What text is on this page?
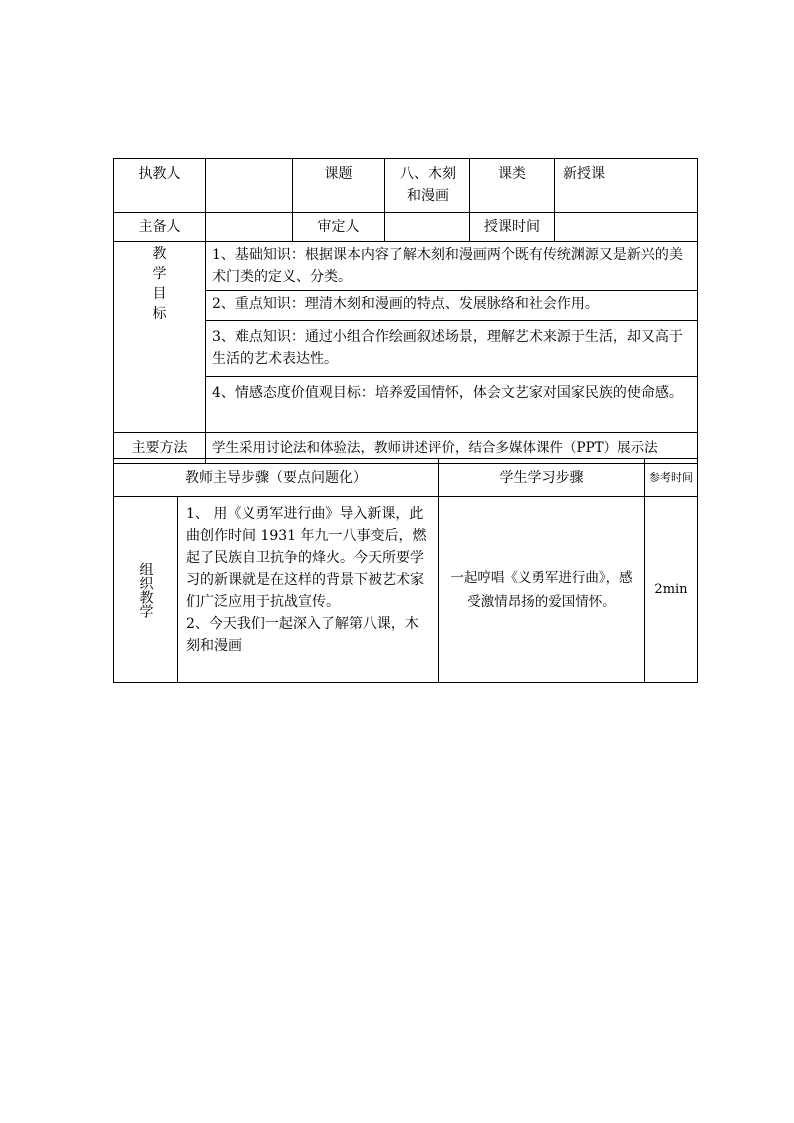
执教人		课题	八、木刻和漫画	课类	新授课
主备人		审定人		授课时间	

教
学
目
标	1、基础知识：根据课本内容了解木刻和漫画两个既有传统渊源又是新兴的美术门类的定义、分类。				
	2、重点知识：理清木刻和漫画的特点、发展脉络和社会作用。				
	3、难点知识：通过小组合作绘画叙述场景，理解艺术来源于生活，却又高于生活的艺术表达性。				
	4、情感态度价值观目标：培养爱国情怀，体会文艺家对国家民族的使命感。				
主要方法	学生采用讨论法和体验法，教师讲述评价，结合多媒体课件（PPT）展示法				
教师主导步骤（要点问题化）		学生学习步骤	参考时间

组织教学	1、 用《义勇军进行曲》导入新课，此曲创作时间 1931 年九一八事变后，燃起了民族自卫抗争的烽火。今天所要学习的新课就是在这样的背景下被艺术家们广泛应用于抗战宣传。
2、今天我们一起深入了解第八课，木刻和漫画	一起哼唱《义勇军进行曲》，感受激情昂扬的爱国情怀。	2min
